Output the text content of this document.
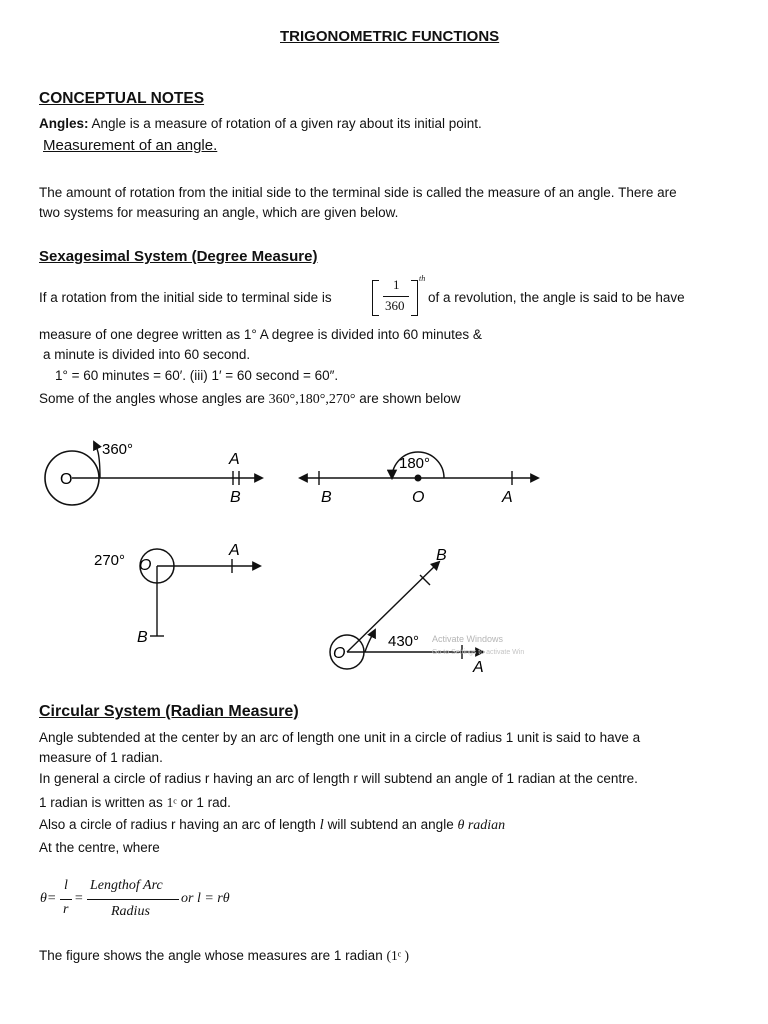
TRIGONOMETRIC FUNCTIONS
CONCEPTUAL NOTES
Angles: Angle is a measure of rotation of a given ray about its initial point.
Measurement of an angle.
The amount of rotation from the initial side to the terminal side is called the measure of an angle. There are
two systems for measuring an angle, which are given below.
Sexagesimal System (Degree Measure)
If a rotation from the initial side to terminal side is
1
360
th
of a revolution, the angle is said to be have
measure of one degree written as 1° A degree is divided into 60 minutes &
a minute is divided into 60 second.
1° = 60 minutes = 60′. (iii) 1′ = 60 second = 60″.
Some of the angles whose angles are 360°,180°,270° are shown below
360°
O
A
B
180°
O
B	A
270° O
A
B	430°
O
B
A
Activate Windows
Go to Settings to activate Win
Circular System (Radian Measure)
Angle subtended at the center by an arc of length one unit in a circle of radius 1 unit is said to have a
measure of 1 radian.
In general a circle of radius r having an arc of length r will subtend an angle of 1 radian at the centre.
1 radian is written as 1ᶜ or 1 rad.
Also a circle of radius r having an arc of length l will subtend an angle θ radian
At the centre, where
θ=
l
r
=
Lengthof Arc
Radius
or l = rθ
The figure shows the angle whose measures are 1 radian (1ᶜ )
